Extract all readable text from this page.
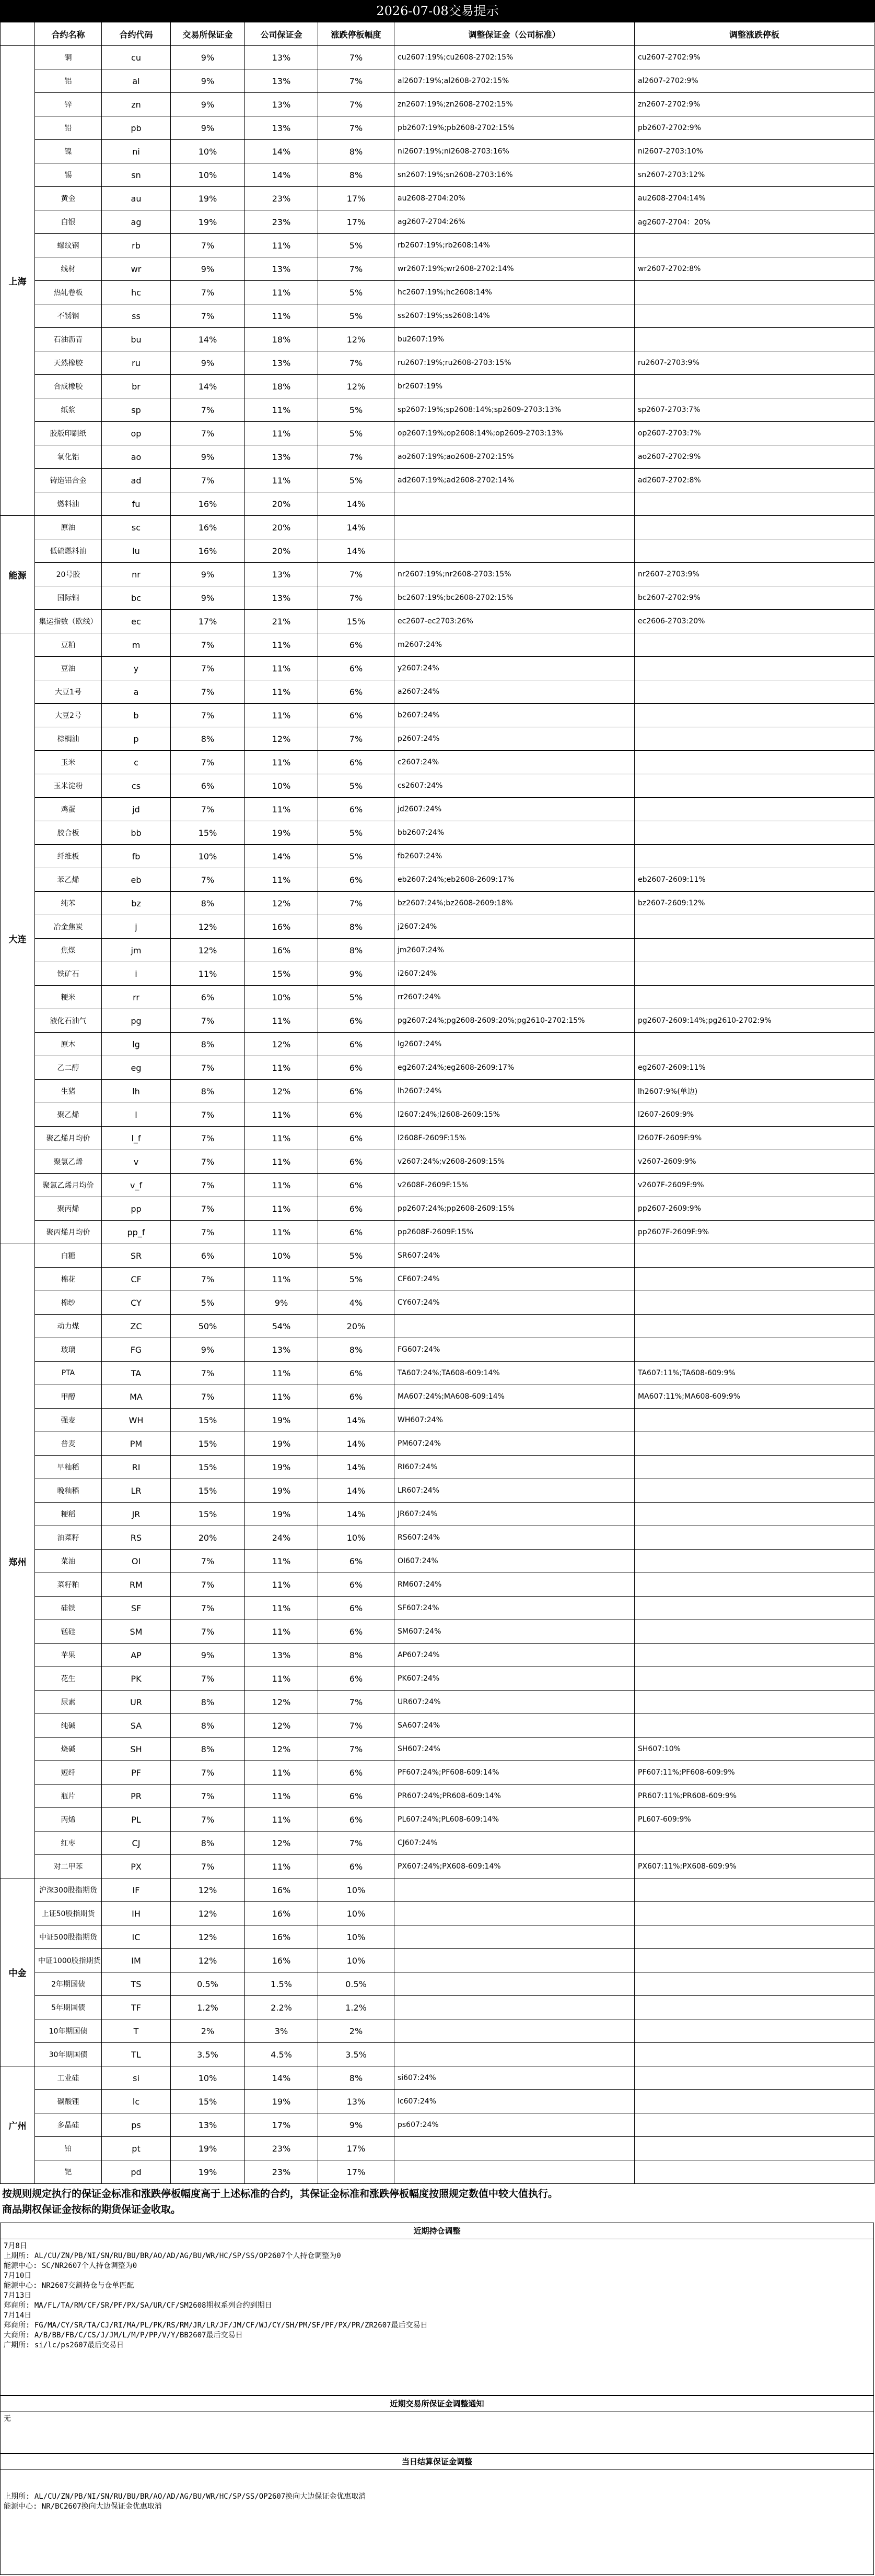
2026-07-08交易提示
	合约名称	合约代码	交易所保证金	公司保证金	涨跌停板幅度	调整保证金（公司标准）	调整涨跌停板
上海	铜	cu	9%	13%	7%	cu2607:19%;cu2608-2702:15%	cu2607-2702:9%
	铝	al	9%	13%	7%	al2607:19%;al2608-2702:15%	al2607-2702:9%
	锌	zn	9%	13%	7%	zn2607:19%;zn2608-2702:15%	zn2607-2702:9%
	铅	pb	9%	13%	7%	pb2607:19%;pb2608-2702:15%	pb2607-2702:9%
	镍	ni	10%	14%	8%	ni2607:19%;ni2608-2703:16%	ni2607-2703:10%
	锡	sn	10%	14%	8%	sn2607:19%;sn2608-2703:16%	sn2607-2703:12%
	黄金	au	19%	23%	17%	au2608-2704:20%	au2608-2704:14%
	白银	ag	19%	23%	17%	ag2607-2704:26%	ag2607-2704：20%
	螺纹钢	rb	7%	11%	5%	rb2607:19%;rb2608:14%	
	线材	wr	9%	13%	7%	wr2607:19%;wr2608-2702:14%	wr2607-2702:8%
	热轧卷板	hc	7%	11%	5%	hc2607:19%;hc2608:14%	
	不锈钢	ss	7%	11%	5%	ss2607:19%;ss2608:14%	
	石油沥青	bu	14%	18%	12%	bu2607:19%	
	天然橡胶	ru	9%	13%	7%	ru2607:19%;ru2608-2703:15%	ru2607-2703:9%
	合成橡胶	br	14%	18%	12%	br2607:19%	
	纸浆	sp	7%	11%	5%	sp2607:19%;sp2608:14%;sp2609-2703:13%	sp2607-2703:7%
	胶版印刷纸	op	7%	11%	5%	op2607:19%;op2608:14%;op2609-2703:13%	op2607-2703:7%
	氧化铝	ao	9%	13%	7%	ao2607:19%;ao2608-2702:15%	ao2607-2702:9%
	铸造铝合金	ad	7%	11%	5%	ad2607:19%;ad2608-2702:14%	ad2607-2702:8%
	燃料油	fu	16%	20%	14%		
能源	原油	sc	16%	20%	14%		
	低硫燃料油	lu	16%	20%	14%		
	20号胶	nr	9%	13%	7%	nr2607:19%;nr2608-2703:15%	nr2607-2703:9%
	国际铜	bc	9%	13%	7%	bc2607:19%;bc2608-2702:15%	bc2607-2702:9%
	集运指数（欧线）	ec	17%	21%	15%	ec2607-ec2703:26%	ec2606-2703:20%
大连	豆粕	m	7%	11%	6%	m2607:24%	
	豆油	y	7%	11%	6%	y2607:24%	
	大豆1号	a	7%	11%	6%	a2607:24%	
	大豆2号	b	7%	11%	6%	b2607:24%	
	棕榈油	p	8%	12%	7%	p2607:24%	
	玉米	c	7%	11%	6%	c2607:24%	
	玉米淀粉	cs	6%	10%	5%	cs2607:24%	
	鸡蛋	jd	7%	11%	6%	jd2607:24%	
	胶合板	bb	15%	19%	5%	bb2607:24%	
	纤维板	fb	10%	14%	5%	fb2607:24%	
	苯乙烯	eb	7%	11%	6%	eb2607:24%;eb2608-2609:17%	eb2607-2609:11%
	纯苯	bz	8%	12%	7%	bz2607:24%;bz2608-2609:18%	bz2607-2609:12%
	冶金焦炭	j	12%	16%	8%	j2607:24%	
	焦煤	jm	12%	16%	8%	jm2607:24%	
	铁矿石	i	11%	15%	9%	i2607:24%	
	粳米	rr	6%	10%	5%	rr2607:24%	
	液化石油气	pg	7%	11%	6%	pg2607:24%;pg2608-2609:20%;pg2610-2702:15%	pg2607-2609:14%;pg2610-2702:9%
	原木	lg	8%	12%	6%	lg2607:24%	
	乙二醇	eg	7%	11%	6%	eg2607:24%;eg2608-2609:17%	eg2607-2609:11%
	生猪	lh	8%	12%	6%	lh2607:24%	lh2607:9%(单边)
	聚乙烯	l	7%	11%	6%	l2607:24%;l2608-2609:15%	l2607-2609:9%
	聚乙烯月均价	l_f	7%	11%	6%	l2608F-2609F:15%	l2607F-2609F:9%
	聚氯乙烯	v	7%	11%	6%	v2607:24%;v2608-2609:15%	v2607-2609:9%
	聚氯乙烯月均价	v_f	7%	11%	6%	v2608F-2609F:15%	v2607F-2609F:9%
	聚丙烯	pp	7%	11%	6%	pp2607:24%;pp2608-2609:15%	pp2607-2609:9%
	聚丙烯月均价	pp_f	7%	11%	6%	pp2608F-2609F:15%	pp2607F-2609F:9%
郑州	白糖	SR	6%	10%	5%	SR607:24%	
	棉花	CF	7%	11%	5%	CF607:24%	
	棉纱	CY	5%	9%	4%	CY607:24%	
	动力煤	ZC	50%	54%	20%		
	玻璃	FG	9%	13%	8%	FG607:24%	
	PTA	TA	7%	11%	6%	TA607:24%;TA608-609:14%	TA607:11%;TA608-609:9%
	甲醇	MA	7%	11%	6%	MA607:24%;MA608-609:14%	MA607:11%;MA608-609:9%
	强麦	WH	15%	19%	14%	WH607:24%	
	普麦	PM	15%	19%	14%	PM607:24%	
	早籼稻	RI	15%	19%	14%	RI607:24%	
	晚籼稻	LR	15%	19%	14%	LR607:24%	
	粳稻	JR	15%	19%	14%	JR607:24%	
	油菜籽	RS	20%	24%	10%	RS607:24%	
	菜油	OI	7%	11%	6%	OI607:24%	
	菜籽粕	RM	7%	11%	6%	RM607:24%	
	硅铁	SF	7%	11%	6%	SF607:24%	
	锰硅	SM	7%	11%	6%	SM607:24%	
	苹果	AP	9%	13%	8%	AP607:24%	
	花生	PK	7%	11%	6%	PK607:24%	
	尿素	UR	8%	12%	7%	UR607:24%	
	纯碱	SA	8%	12%	7%	SA607:24%	
	烧碱	SH	8%	12%	7%	SH607:24%	SH607:10%
	短纤	PF	7%	11%	6%	PF607:24%;PF608-609:14%	PF607:11%;PF608-609:9%
	瓶片	PR	7%	11%	6%	PR607:24%;PR608-609:14%	PR607:11%;PR608-609:9%
	丙烯	PL	7%	11%	6%	PL607:24%;PL608-609:14%	PL607-609:9%
	红枣	CJ	8%	12%	7%	CJ607:24%	
	对二甲苯	PX	7%	11%	6%	PX607:24%;PX608-609:14%	PX607:11%;PX608-609:9%
中金	沪深300股指期货	IF	12%	16%	10%		
	上证50股指期货	IH	12%	16%	10%		
	中证500股指期货	IC	12%	16%	10%		
	中证1000股指期货	IM	12%	16%	10%		
	2年期国债	TS	0.5%	1.5%	0.5%		
	5年期国债	TF	1.2%	2.2%	1.2%		
	10年期国债	T	2%	3%	2%		
	30年期国债	TL	3.5%	4.5%	3.5%		
广州	工业硅	si	10%	14%	8%	si607:24%	
	碳酸锂	lc	15%	19%	13%	lc607:24%	
	多晶硅	ps	13%	17%	9%	ps607:24%	
	铂	pt	19%	23%	17%		
	钯	pd	19%	23%	17%		
按规则规定执行的保证金标准和涨跌停板幅度高于上述标准的合约，其保证金标准和涨跌停板幅度按照规定数值中较大值执行。
商品期权保证金按标的期货保证金收取。
近期持仓调整
7月8日
上期所: AL/CU/ZN/PB/NI/SN/RU/BU/BR/AO/AD/AG/BU/WR/HC/SP/SS/OP2607个人持仓调整为0
能源中心: SC/NR2607个人持仓调整为0
7月10日
能源中心: NR2607交割持仓与仓单匹配
7月13日
郑商所: MA/FL/TA/RM/CF/SR/PF/PX/SA/UR/CF/SM2608期权系列合约到期日
7月14日
郑商所: FG/MA/CY/SR/TA/CJ/RI/MA/PL/PK/RS/RM/JR/LR/JF/JM/CF/WJ/CY/SH/PM/SF/PF/PX/PR/ZR2607最后交易日
大商所: A/B/BB/FB/C/CS/J/JM/L/M/P/PP/V/Y/BB2607最后交易日
广期所: si/lc/ps2607最后交易日
近期交易所保证金调整通知
无
当日结算保证金调整

上期所: AL/CU/ZN/PB/NI/SN/RU/BU/BR/AO/AD/AG/BU/WR/HC/SP/SS/OP2607换向大边保证金优惠取消
能源中心: NR/BC2607换向大边保证金优惠取消
